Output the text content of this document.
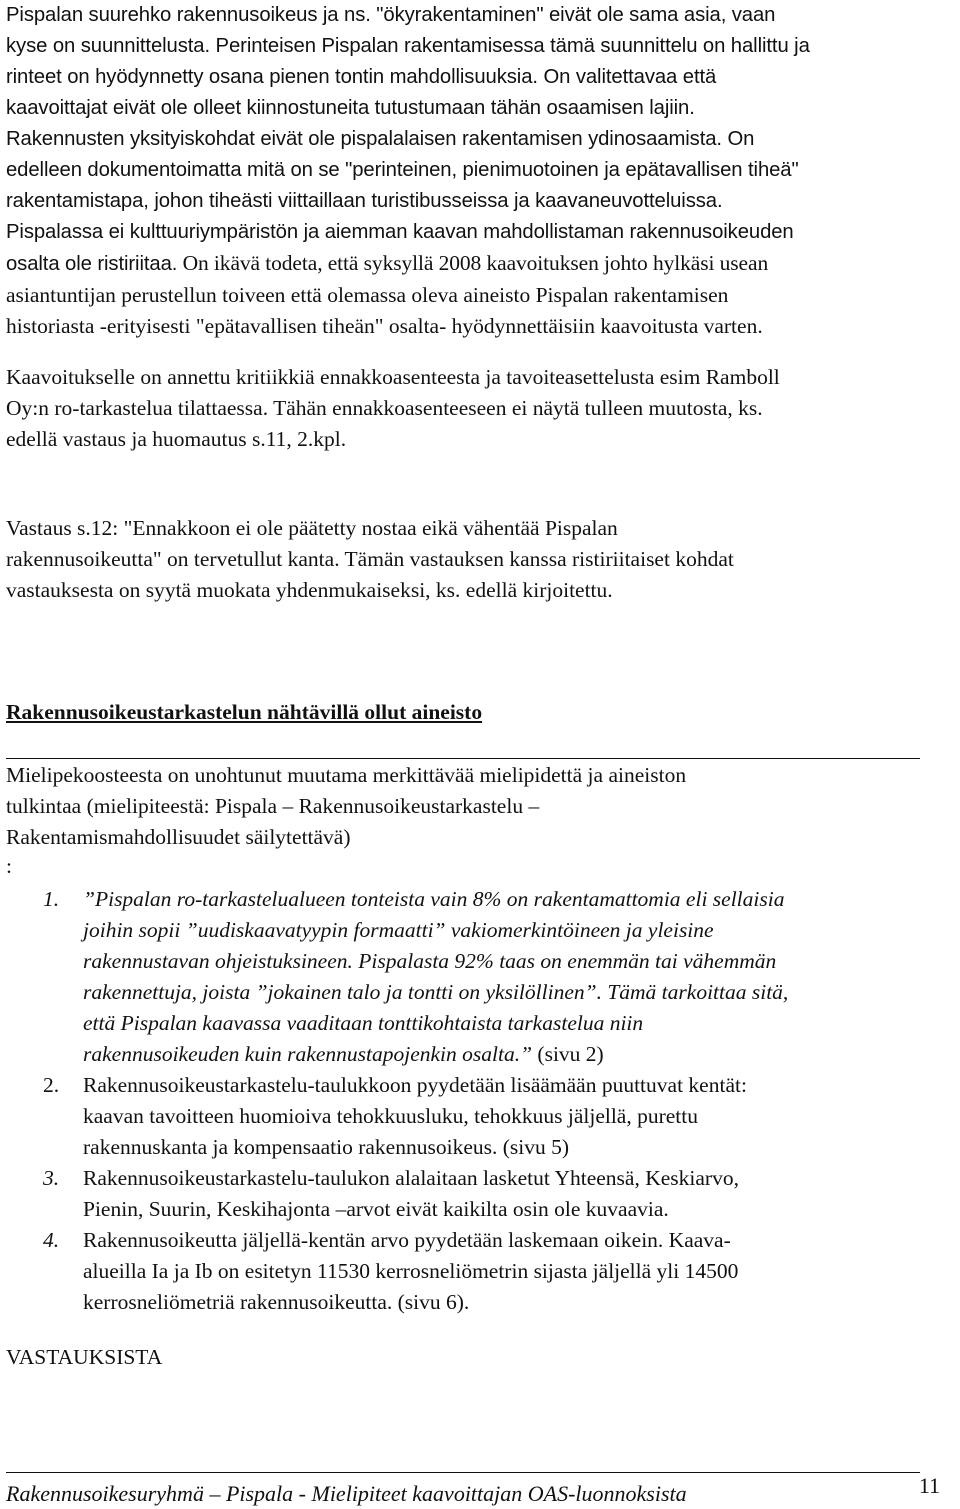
Pispalan suurehko rakennusoikeus ja ns. "ökyrakentaminen" eivät ole sama asia, vaan
kyse on suunnittelusta. Perinteisen Pispalan rakentamisessa tämä suunnittelu on hallittu ja
rinteet on hyödynnetty osana pienen tontin mahdollisuuksia. On valitettavaa että
kaavoittajat eivät ole olleet kiinnostuneita tutustumaan tähän osaamisen lajiin.
Rakennusten yksityiskohdat eivät ole pispalalaisen rakentamisen ydinosaamista. On
edelleen dokumentoimatta mitä on se "perinteinen, pienimuotoinen ja epätavallisen tiheä"
rakentamistapa, johon tiheästi viittaillaan turistibusseissa ja kaavaneuvotteluissa.
Pispalassa ei kulttuuriympäristön ja aiemman kaavan mahdollistaman rakennusoikeuden
osalta ole ristiriitaa. On ikävä todeta, että syksyllä 2008 kaavoituksen johto hylkäsi usean
asiantuntijan perustellun toiveen että olemassa oleva aineisto Pispalan rakentamisen
historiasta -erityisesti "epätavallisen tiheän" osalta- hyödynnettäisiin kaavoitusta varten.
Kaavoitukselle on annettu kritiikkiä ennakkoasenteesta ja tavoiteasettelusta esim Ramboll
Oy:n ro-tarkastelua tilattaessa. Tähän ennakkoasenteeseen ei näytä tulleen muutosta, ks.
edellä vastaus ja huomautus s.11, 2.kpl.
Vastaus s.12: "Ennakkoon ei ole päätetty nostaa eikä vähentää Pispalan
rakennusoikeutta" on tervetullut kanta. Tämän vastauksen kanssa ristiriitaiset kohdat
vastauksesta on syytä muokata yhdenmukaiseksi, ks. edellä kirjoitettu.
Rakennusoikeustarkastelun nähtävillä ollut aineisto
Mielipekoosteesta on unohtunut muutama merkittävää mielipidettä ja aineiston
tulkintaa (mielipiteestä: Pispala – Rakennusoikeustarkastelu –
Rakentamismahdollisuudet säilytettävä)
:
1. ”Pispalan ro-tarkastelualueen tonteista vain 8% on rakentamattomia eli sellaisia
joihin sopii ”uudiskaavatyypin formaatti” vakiomerkintöineen ja yleisine
rakennustavan ohjeistuksineen. Pispalasta 92% taas on enemmän tai vähemmän
rakennettuja, joista ”jokainen talo ja tontti on yksilöllinen”. Tämä tarkoittaa sitä,
että Pispalan kaavassa vaaditaan tonttikohtaista tarkastelua niin
rakennusoikeuden kuin rakennustapojenkin osalta.” (sivu 2)
2. Rakennusoikeustarkastelu-taulukkoon pyydetään lisäämään puuttuvat kentät:
kaavan tavoitteen huomioiva tehokkuusluku, tehokkuus jäljellä, purettu
rakennuskanta ja kompensaatio rakennusoikeus. (sivu 5)
3. Rakennusoikeustarkastelu-taulukon alalaitaan lasketut Yhteensä, Keskiarvo,
Pienin, Suurin, Keskihajonta –arvot eivät kaikilta osin ole kuvaavia.
4. Rakennusoikeutta jäljellä-kentän arvo pyydetään laskemaan oikein. Kaava-
alueilla Ia ja Ib on esitetyn 11530 kerrosneliömetrin sijasta jäljellä yli 14500
kerrosneliömetriä rakennusoikeutta. (sivu 6).
VASTAUKSISTA
Rakennusoikesuryhmä – Pispala - Mielipiteet kaavoittajan OAS-luonnoksista	11
